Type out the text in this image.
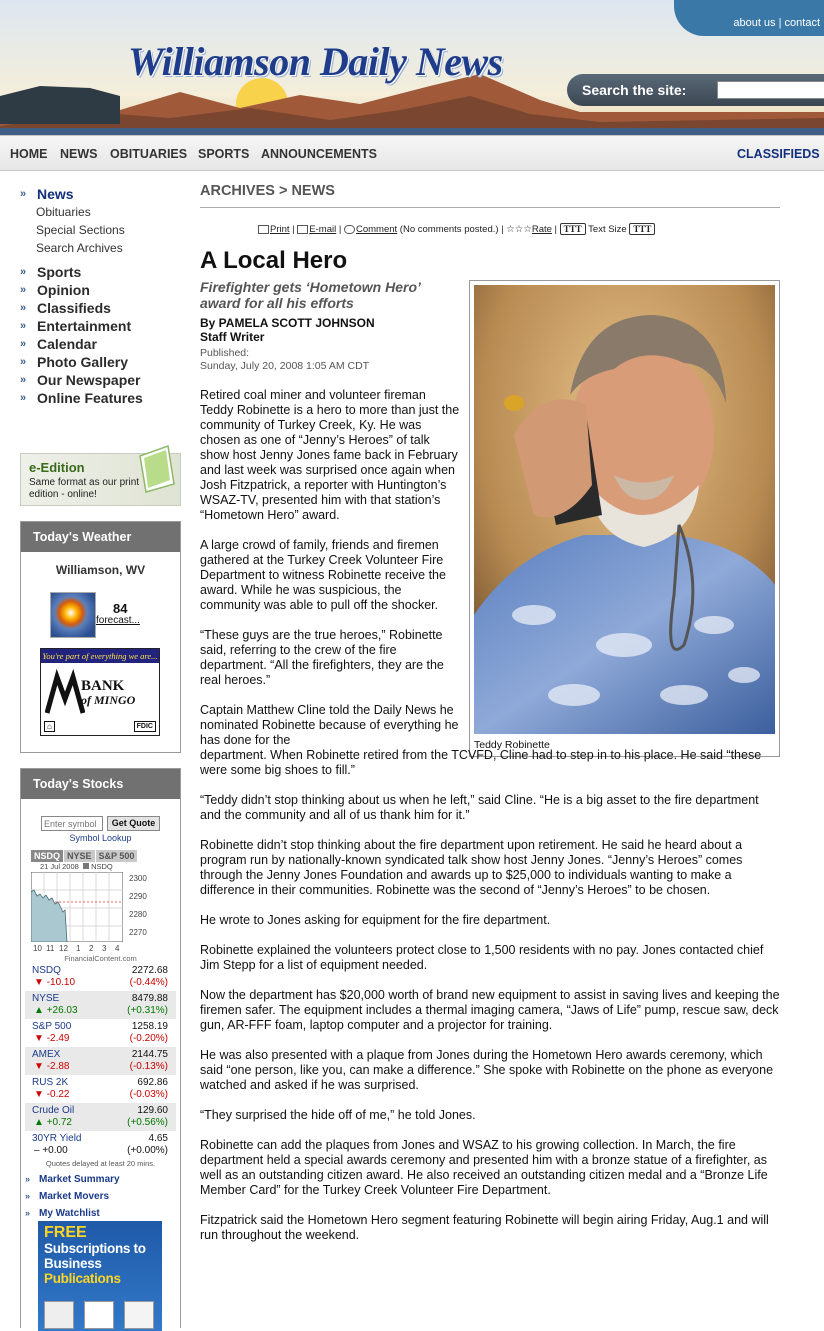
about us | contact
Williamson Daily News
Search the site:
HOME NEWS OBITUARIES SPORTS ANNOUNCEMENTS	CLASSIFIEDS
» News
Obituaries
Special Sections
Search Archives
» Sports
» Opinion
» Classifieds
» Entertainment
» Calendar
» Photo Gallery
» Our Newspaper
» Online Features
e-Edition
Same format as our print edition - online!
Today's Weather
Williamson, WV
84
forecast...
You're part of everything we are...
BANK
of MINGO
⌂	FDIC
Today's Stocks
Enter symbol
Get Quote
Symbol Lookup
NSDQ NYSE S&P 500
21 Jul 2008 NSDQ
2300
2290
2280
2270
10 11 12 1 2 3 4
FinancialContent.com
NSDQ	2272.68
▼ -10.10	(-0.44%)
NYSE	8479.88
▲ +26.03	(+0.31%)
S&P 500	1258.19
▼ -2.49	(-0.20%)
AMEX	2144.75
▼ -2.88	(-0.13%)
RUS 2K	692.86
▼ -0.22	(-0.03%)
Crude Oil	129.60
▲ +0.72	(+0.56%)
30YR Yield	4.65
– +0.00	(+0.00%)
Quotes delayed at least 20 mins.
» Market Summary
» Market Movers
» My Watchlist
FREE
Subscriptions to
Business
Publications
ARCHIVES > NEWS
Print | E-mail | Comment (No comments posted.) | ☆☆☆Rate | TTT Text Size TTT
A Local Hero
Firefighter gets ‘Hometown Hero’ award for all his efforts
By PAMELA SCOTT JOHNSON
Staff Writer
Published:
Sunday, July 20, 2008 1:05 AM CDT
Teddy Robinette

Retired coal miner and volunteer fireman Teddy Robinette is a hero to more than just the community of Turkey Creek, Ky. He was chosen as one of “Jenny’s Heroes” of talk show host Jenny Jones fame back in February and last week was surprised once again when Josh Fitzpatrick, a reporter with Huntington’s WSAZ-TV, presented him with that station’s “Hometown Hero” award.

A large crowd of family, friends and firemen gathered at the Turkey Creek Volunteer Fire Department to witness Robinette receive the award. While he was suspicious, the community was able to pull off the shocker.

“These guys are the true heroes,” Robinette said, referring to the crew of the fire department. “All the firefighters, they are the real heroes.”

Captain Matthew Cline told the Daily News he nominated Robinette because of everything he has done for the
department. When Robinette retired from the TCVFD, Cline had to step in to his place. He said “these were some big shoes to fill.”

“Teddy didn’t stop thinking about us when he left,” said Cline. “He is a big asset to the fire department and the community and all of us thank him for it.”

Robinette didn’t stop thinking about the fire department upon retirement. He said he heard about a program run by nationally-known syndicated talk show host Jenny Jones. “Jenny’s Heroes” comes through the Jenny Jones Foundation and awards up to $25,000 to individuals wanting to make a difference in their communities. Robinette was the second of “Jenny’s Heroes” to be chosen.

He wrote to Jones asking for equipment for the fire department.

Robinette explained the volunteers protect close to 1,500 residents with no pay. Jones contacted chief Jim Stepp for a list of equipment needed.

Now the department has $20,000 worth of brand new equipment to assist in saving lives and keeping the firemen safer. The equipment includes a thermal imaging camera, “Jaws of Life” pump, rescue saw, deck gun, AR-FFF foam, laptop computer and a projector for training.

He was also presented with a plaque from Jones during the Hometown Hero awards ceremony, which said “one person, like you, can make a difference.” She spoke with Robinette on the phone as everyone watched and asked if he was surprised.

“They surprised the hide off of me,” he told Jones.

Robinette can add the plaques from Jones and WSAZ to his growing collection. In March, the fire department held a special awards ceremony and presented him with a bronze statue of a firefighter, as well as an outstanding citizen award. He also received an outstanding citizen medal and a “Bronze Life Member Card” for the Turkey Creek Volunteer Fire Department.

Fitzpatrick said the Hometown Hero segment featuring Robinette will begin airing Friday, Aug.1 and will run throughout the weekend.
